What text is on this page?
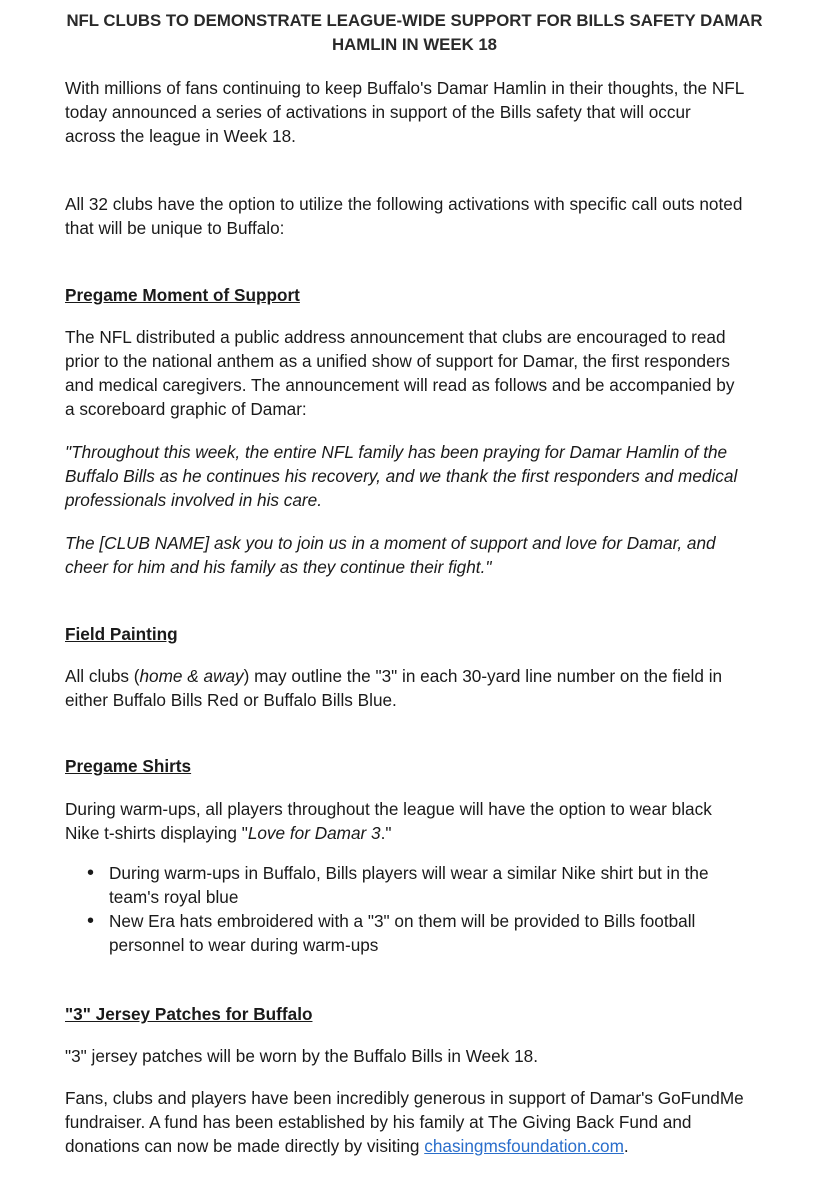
NFL CLUBS TO DEMONSTRATE LEAGUE-WIDE SUPPORT FOR BILLS SAFETY DAMAR HAMLIN IN WEEK 18

With millions of fans continuing to keep Buffalo's Damar Hamlin in their thoughts, the NFL today announced a series of activations in support of the Bills safety that will occur across the league in Week 18.

All 32 clubs have the option to utilize the following activations with specific call outs noted that will be unique to Buffalo:

Pregame Moment of Support

The NFL distributed a public address announcement that clubs are encouraged to read prior to the national anthem as a unified show of support for Damar, the first responders and medical caregivers. The announcement will read as follows and be accompanied by a scoreboard graphic of Damar:

"Throughout this week, the entire NFL family has been praying for Damar Hamlin of the Buffalo Bills as he continues his recovery, and we thank the first responders and medical professionals involved in his care.

The [CLUB NAME] ask you to join us in a moment of support and love for Damar, and cheer for him and his family as they continue their fight."

Field Painting

All clubs (home & away) may outline the "3" in each 30-yard line number on the field in either Buffalo Bills Red or Buffalo Bills Blue.

Pregame Shirts

During warm-ups, all players throughout the league will have the option to wear black Nike t-shirts displaying "Love for Damar 3."

• During warm-ups in Buffalo, Bills players will wear a similar Nike shirt but in the team's royal blue
• New Era hats embroidered with a "3" on them will be provided to Bills football personnel to wear during warm-ups

"3" Jersey Patches for Buffalo

"3" jersey patches will be worn by the Buffalo Bills in Week 18.

Fans, clubs and players have been incredibly generous in support of Damar's GoFundMe fundraiser. A fund has been established by his family at The Giving Back Fund and donations can now be made directly by visiting chasingmsfoundation.com.
